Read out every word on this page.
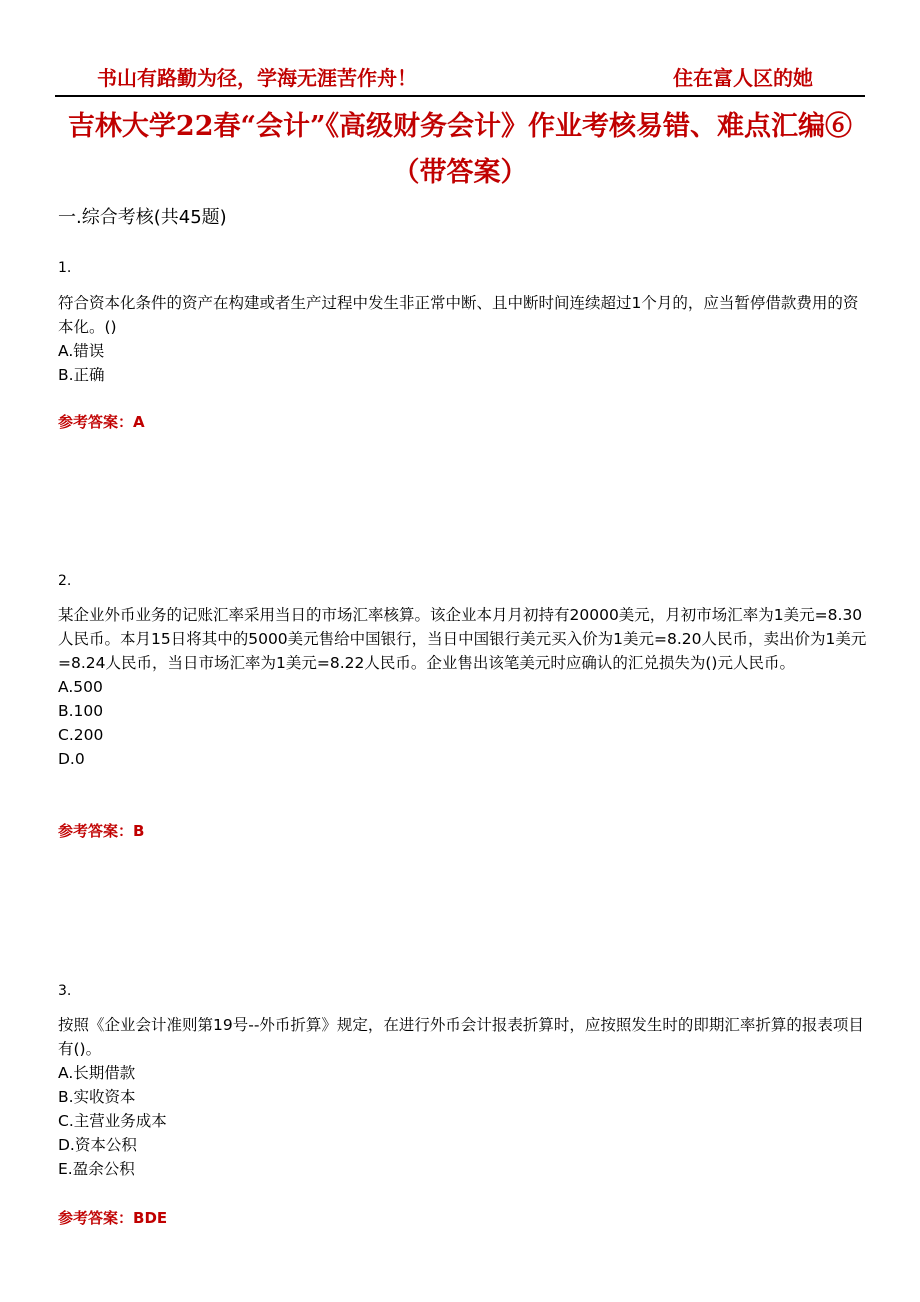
书山有路勤为径，学海无涯苦作舟！	住在富人区的她
吉林大学22春“会计”《高级财务会计》作业考核易错、难点汇编⑥（带答案）
一.综合考核(共45题)
1.
符合资本化条件的资产在构建或者生产过程中发生非正常中断、且中断时间连续超过1个月的，应当暂停借款费用的资本化。()
A.错误
B.正确
参考答案：A
2.
某企业外币业务的记账汇率采用当日的市场汇率核算。该企业本月月初持有20000美元，月初市场汇率为1美元=8.30人民币。本月15日将其中的5000美元售给中国银行，当日中国银行美元买入价为1美元=8.20人民币，卖出价为1美元=8.24人民币，当日市场汇率为1美元=8.22人民币。企业售出该笔美元时应确认的汇兑损失为()元人民币。
A.500
B.100
C.200
D.0
参考答案：B
3.
按照《企业会计准则第19号--外币折算》规定，在进行外币会计报表折算时，应按照发生时的即期汇率折算的报表项目有()。
A.长期借款
B.实收资本
C.主营业务成本
D.资本公积
E.盈余公积
参考答案：BDE
